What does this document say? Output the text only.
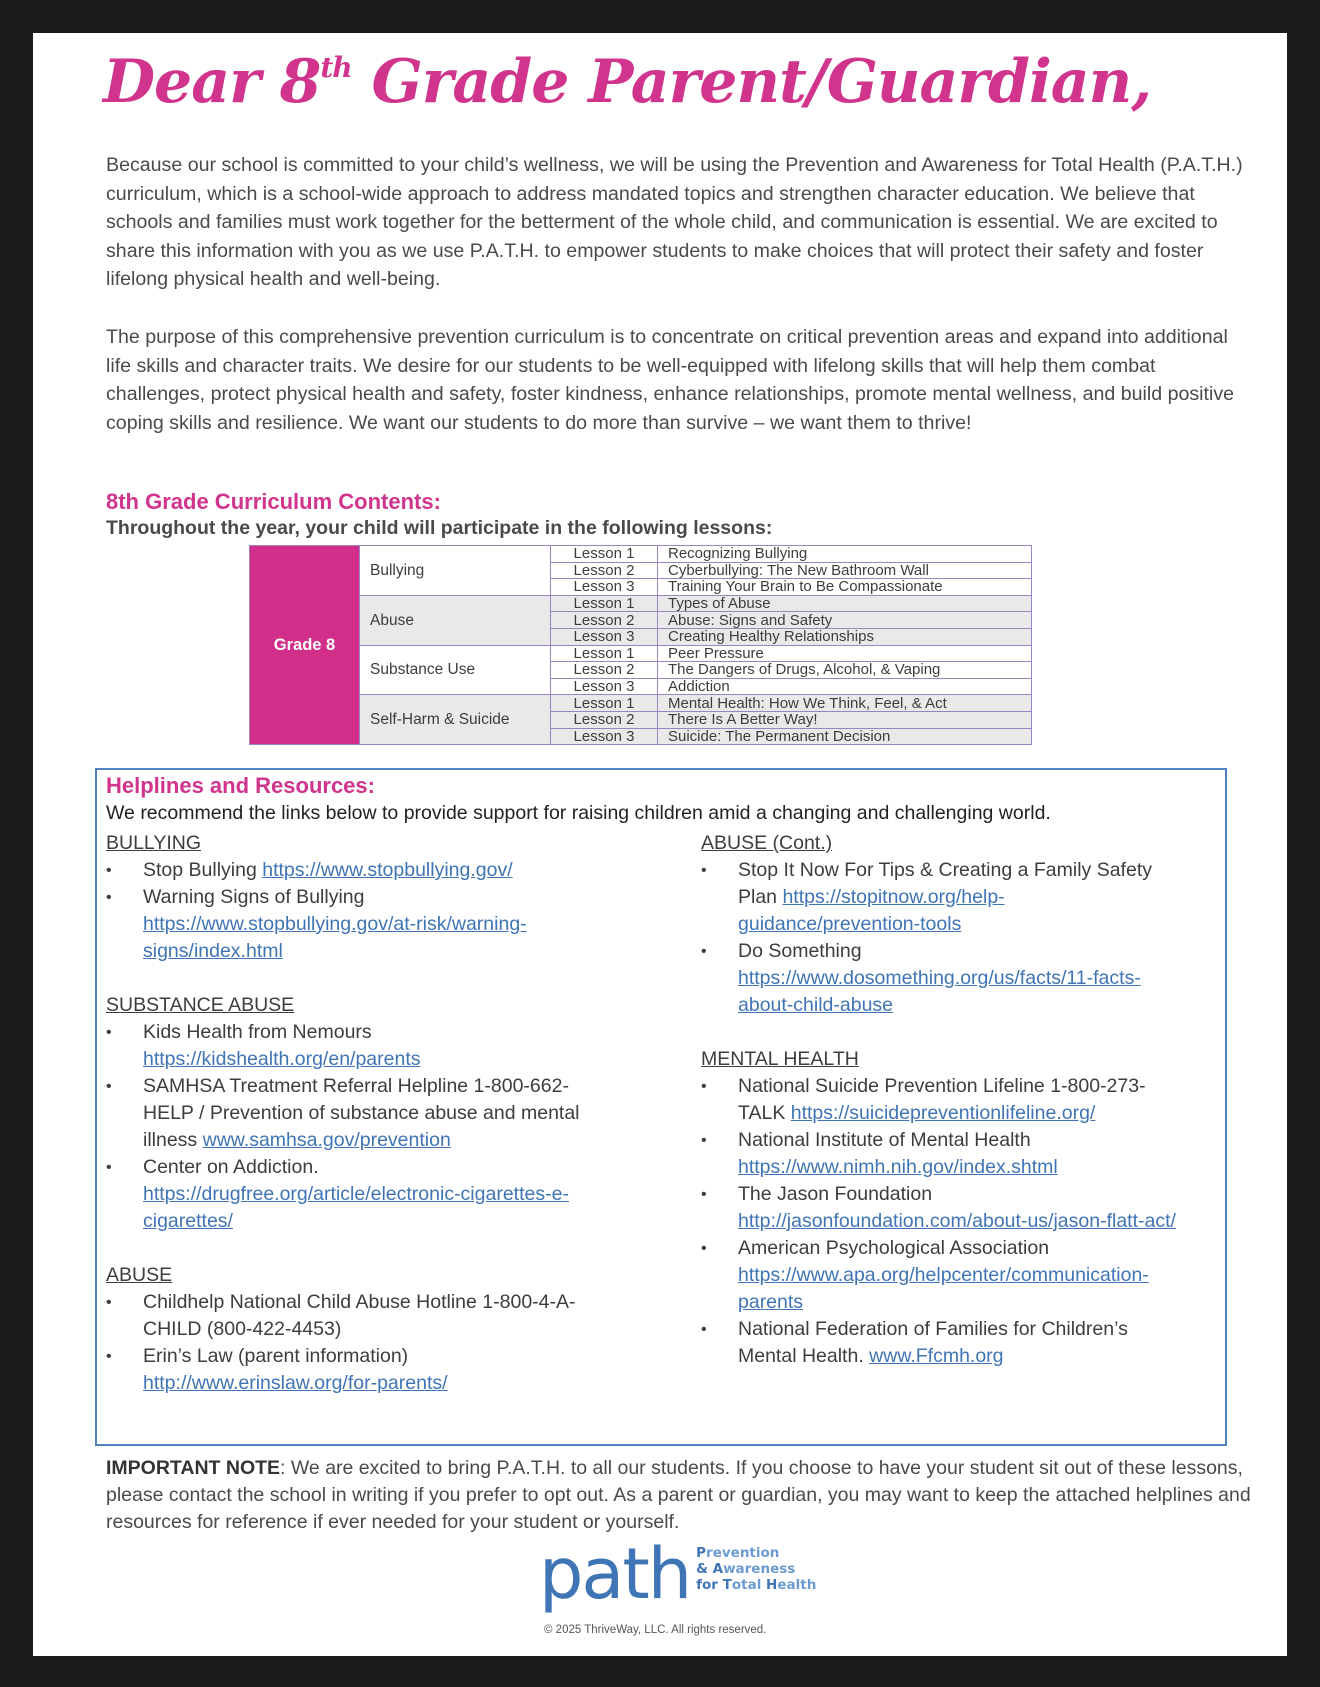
Dear 8th Grade Parent/Guardian,

Because our school is committed to your child’s wellness, we will be using the Prevention and Awareness for Total Health (P.A.T.H.) curriculum, which is a school-wide approach to address mandated topics and strengthen character education. We believe that schools and families must work together for the betterment of the whole child, and communication is essential. We are excited to share this information with you as we use P.A.T.H. to empower students to make choices that will protect their safety and foster lifelong physical health and well-being.

The purpose of this comprehensive prevention curriculum is to concentrate on critical prevention areas and expand into additional life skills and character traits. We desire for our students to be well-equipped with lifelong skills that will help them combat challenges, protect physical health and safety, foster kindness, enhance relationships, promote mental wellness, and build positive coping skills and resilience. We want our students to do more than survive – we want them to thrive!

8th Grade Curriculum Contents:

Throughout the year, your child will participate in the following lessons:

Grade 8	Bullying	Lesson 1	Recognizing Bullying
		Lesson 2	Cyberbullying: The New Bathroom Wall
		Lesson 3	Training Your Brain to Be Compassionate
	Abuse	Lesson 1	Types of Abuse
		Lesson 2	Abuse: Signs and Safety
		Lesson 3	Creating Healthy Relationships
	Substance Use	Lesson 1	Peer Pressure
		Lesson 2	The Dangers of Drugs, Alcohol, & Vaping
		Lesson 3	Addiction
	Self-Harm & Suicide	Lesson 1	Mental Health: How We Think, Feel, & Act
		Lesson 2	There Is A Better Way!
		Lesson 3	Suicide: The Permanent Decision
Helplines and Resources:

We recommend the links below to provide support for raising children amid a changing and challenging world.

BULLYING

• Stop Bullying https://www.stopbullying.gov/
• Warning Signs of Bullying https://www.stopbullying.gov/at-risk/warning-signs/index.html

SUBSTANCE ABUSE

• Kids Health from Nemours https://kidshealth.org/en/parents
• SAMHSA Treatment Referral Helpline 1-800-662-HELP / Prevention of substance abuse and mental illness www.samhsa.gov/prevention
• Center on Addiction. https://drugfree.org/article/electronic-cigarettes-e-cigarettes/

ABUSE

• Childhelp National Child Abuse Hotline 1-800-4-A-CHILD (800-422-4453)
• Erin’s Law (parent information) http://www.erinslaw.org/for-parents/

ABUSE (Cont.)

• Stop It Now For Tips & Creating a Family Safety Plan https://stopitnow.org/help-guidance/prevention-tools
• Do Something https://www.dosomething.org/us/facts/11-facts-about-child-abuse

MENTAL HEALTH

• National Suicide Prevention Lifeline 1-800-273-TALK https://suicidepreventionlifeline.org/
• National Institute of Mental Health https://www.nimh.nih.gov/index.shtml
• The Jason Foundation http://jasonfoundation.com/about-us/jason-flatt-act/
• American Psychological Association https://www.apa.org/helpcenter/communication-parents
• National Federation of Families for Children’s Mental Health. www.Ffcmh.org

IMPORTANT NOTE: We are excited to bring P.A.T.H. to all our students. If you choose to have your student sit out of these lessons, please contact the school in writing if you prefer to opt out. As a parent or guardian, you may want to keep the attached helplines and resources for reference if ever needed for your student or yourself.

path Prevention
& Awareness
for Total Health
© 2025 ThriveWay, LLC. All rights reserved.
